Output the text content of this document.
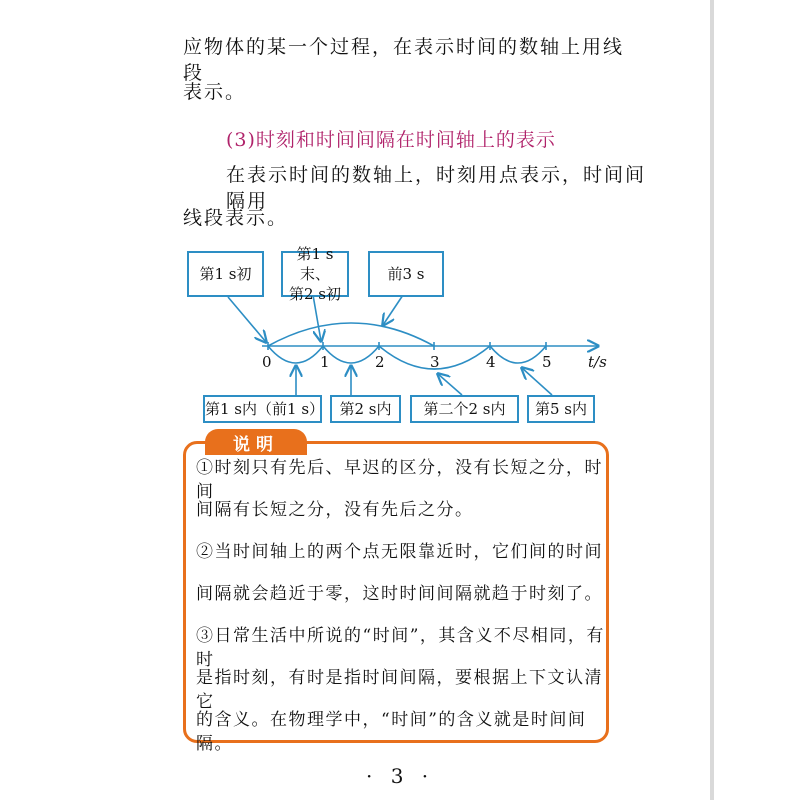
应物体的某一个过程，在表示时间的数轴上用线段

表示。

(3)时刻和时间间隔在时间轴上的表示

在表示时间的数轴上，时刻用点表示，时间间隔用

线段表示。

0	1	2	3	4	5 t/s
第1 s初
第1 s末、
第2 s初
前3 s
第1 s内（前1 s） 第2 s内 第二个2 s内 第5 s内
说明

①时刻只有先后、早迟的区分，没有长短之分，时间

间隔有长短之分，没有先后之分。

②当时间轴上的两个点无限靠近时，它们间的时间

间隔就会趋近于零，这时时间间隔就趋于时刻了。

③日常生活中所说的“时间”，其含义不尽相同，有时

是指时刻，有时是指时间间隔，要根据上下文认清它

的含义。在物理学中，“时间”的含义就是时间间隔。

· 3 ·
